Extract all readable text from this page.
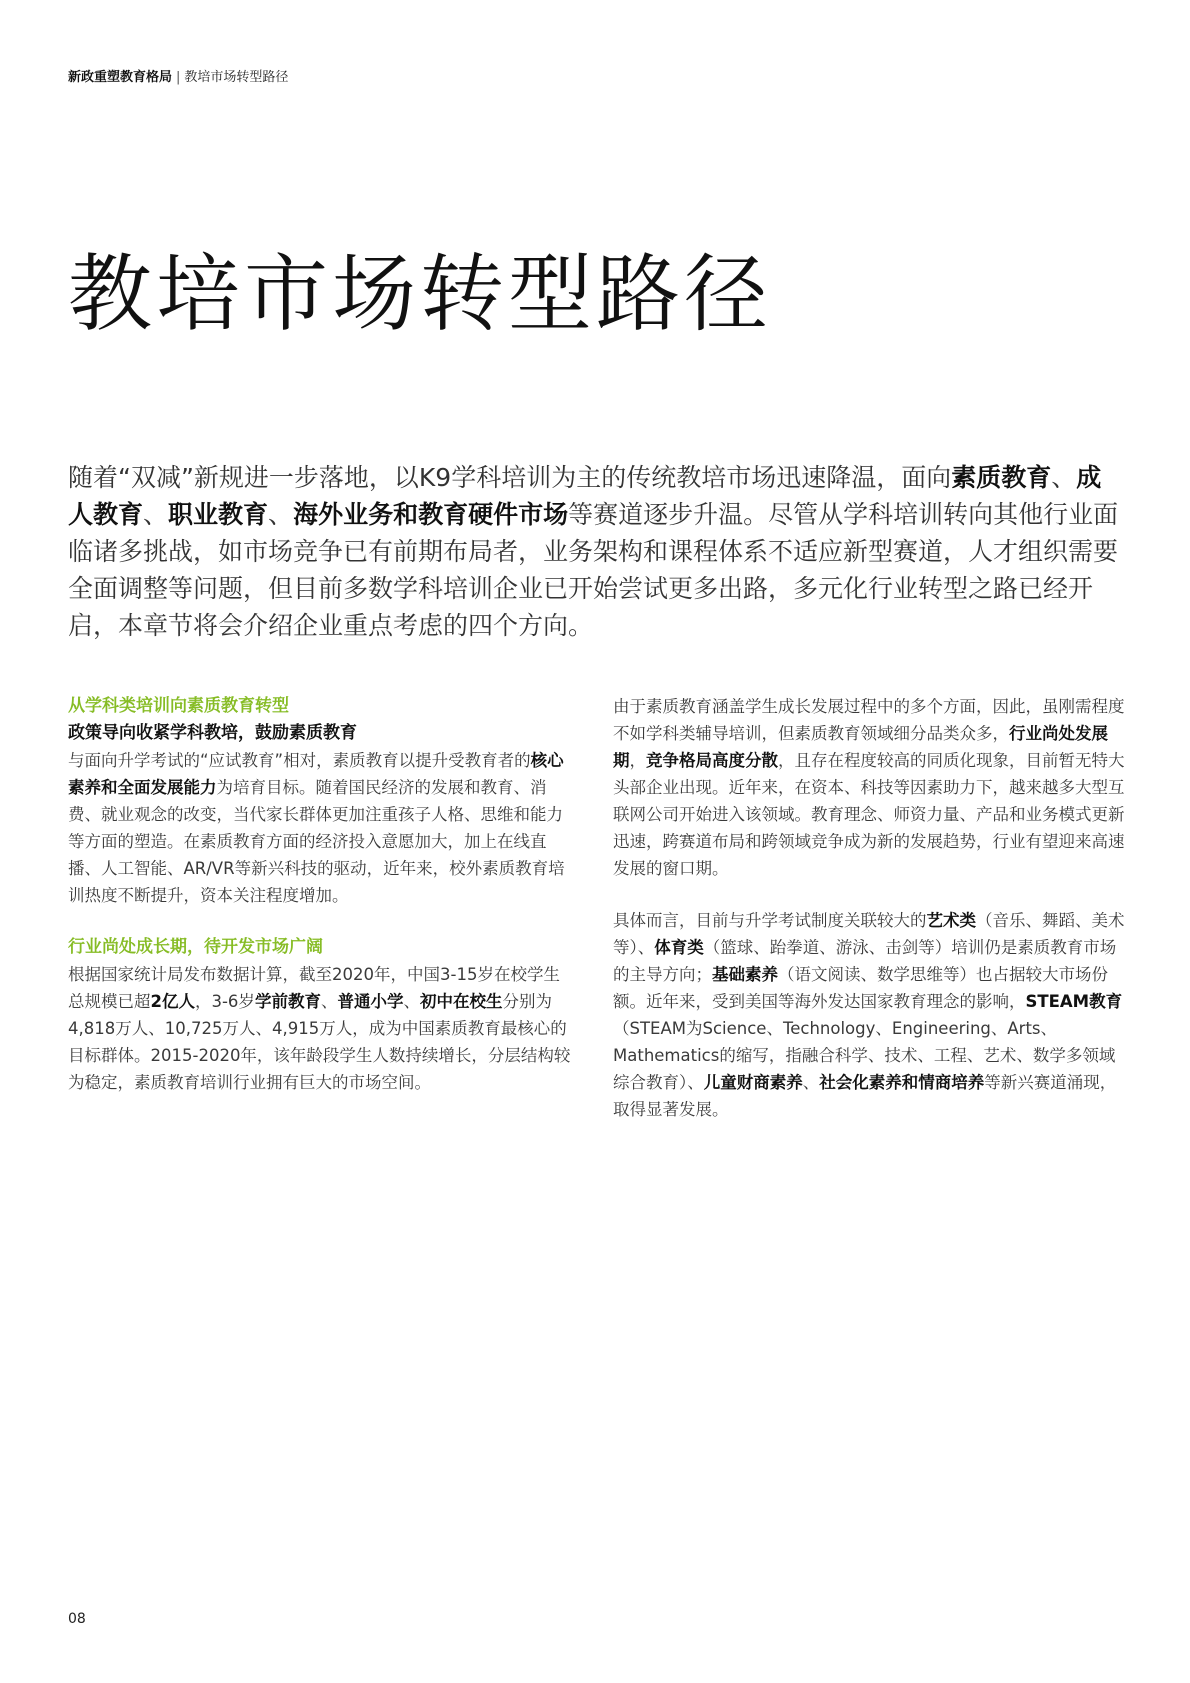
新政重塑教育格局 | 教培市场转型路径
教培市场转型路径

随着“双减”新规进一步落地，以K9学科培训为主的传统教培市场迅速降温，面向素质教育、成人教育、职业教育、海外业务和教育硬件市场等赛道逐步升温。尽管从学科培训转向其他行业面临诸多挑战，如市场竞争已有前期布局者，业务架构和课程体系不适应新型赛道，人才组织需要全面调整等问题，但目前多数学科培训企业已开始尝试更多出路，多元化行业转型之路已经开启，本章节将会介绍企业重点考虑的四个方向。

从学科类培训向素质教育转型

政策导向收紧学科教培，鼓励素质教育

与面向升学考试的“应试教育”相对，素质教育以提升受教育者的核心素养和全面发展能力为培育目标。随着国民经济的发展和教育、消费、就业观念的改变，当代家长群体更加注重孩子人格、思维和能力等方面的塑造。在素质教育方面的经济投入意愿加大，加上在线直播、人工智能、AR/VR等新兴科技的驱动，近年来，校外素质教育培训热度不断提升，资本关注程度增加。

行业尚处成长期，待开发市场广阔

根据国家统计局发布数据计算，截至2020年，中国3-15岁在校学生总规模已超2亿人，3-6岁学前教育、普通小学、初中在校生分别为4,818万人、10,725万人、4,915万人，成为中国素质教育最核心的目标群体。2015-2020年，该年龄段学生人数持续增长，分层结构较为稳定，素质教育培训行业拥有巨大的市场空间。

由于素质教育涵盖学生成长发展过程中的多个方面，因此，虽刚需程度不如学科类辅导培训，但素质教育领域细分品类众多，行业尚处发展期，竞争格局高度分散，且存在程度较高的同质化现象，目前暂无特大头部企业出现。近年来，在资本、科技等因素助力下，越来越多大型互联网公司开始进入该领域。教育理念、师资力量、产品和业务模式更新迅速，跨赛道布局和跨领域竞争成为新的发展趋势，行业有望迎来高速发展的窗口期。

具体而言，目前与升学考试制度关联较大的艺术类（音乐、舞蹈、美术等）、体育类（篮球、跆拳道、游泳、击剑等）培训仍是素质教育市场的主导方向；基础素养（语文阅读、数学思维等）也占据较大市场份额。近年来，受到美国等海外发达国家教育理念的影响，STEAM教育（STEAM为Science、Technology、Engineering、Arts、Mathematics的缩写，指融合科学、技术、工程、艺术、数学多领域综合教育）、儿童财商素养、社会化素养和情商培养等新兴赛道涌现，取得显著发展。

08
